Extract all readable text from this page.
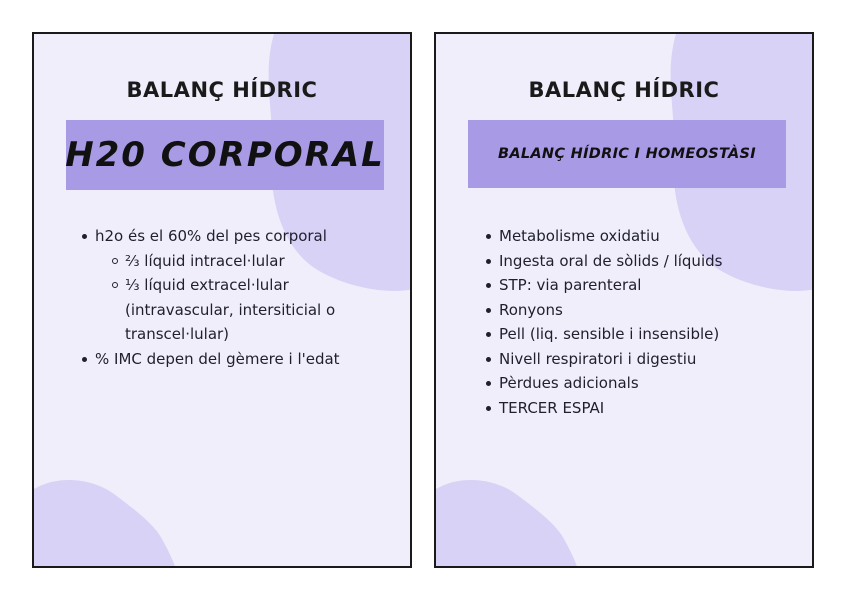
BALANÇ HÍDRIC
H20 CORPORAL
h2o és el 60% del pes corporal
⅔ líquid intracel·lular
⅓ líquid extracel·lular (intravascular, intersiticial o transcel·lular)
% IMC depen del gèmere i l'edat
BALANÇ HÍDRIC
BALANÇ HÍDRIC I HOMEOSTÀSI
Metabolisme oxidatiu
Ingesta oral de sòlids / líquids
STP: via parenteral
Ronyons
Pell (liq. sensible i insensible)
Nivell respiratori i digestiu
Pèrdues adicionals
TERCER ESPAI
